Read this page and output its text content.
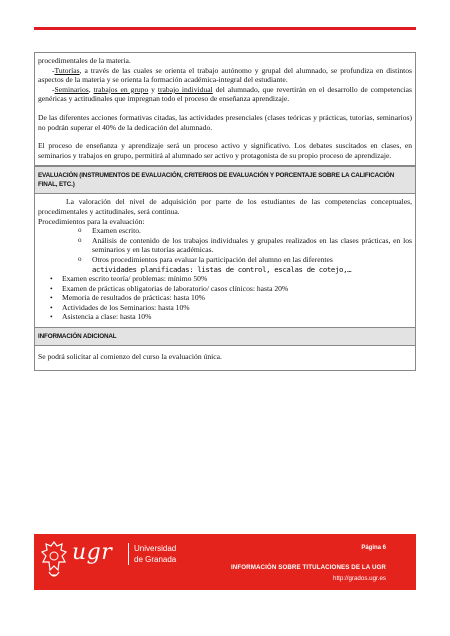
procedimentales de la materia.

-Tutorías, a través de las cuales se orienta el trabajo autónomo y grupal del alumnado, se profundiza en distintos aspectos de la materia y se orienta la formación académica-integral del estudiante.

-Seminarios, trabajos en grupo y trabajo individual del alumnado, que revertirán en el desarrollo de competencias genéricas y actitudinales que impregnan todo el proceso de enseñanza aprendizaje.

De las diferentes acciones formativas citadas, las actividades presenciales (clases teóricas y prácticas, tutorías, seminarios) no podrán superar el 40% de la dedicación del alumnado.

El proceso de enseñanza y aprendizaje será un proceso activo y significativo. Los debates suscitados en clases, en seminarios y trabajos en grupo, permitirá al alumnado ser activo y protagonista de su propio proceso de aprendizaje.

EVALUACIÓN (INSTRUMENTOS DE EVALUACIÓN, CRITERIOS DE EVALUACIÓN Y PORCENTAJE SOBRE LA CALIFICACIÓN FINAL, ETC.)

La valoración del nivel de adquisición por parte de los estudiantes de las competencias conceptuales, procedimentales y actitudinales, será continua.

Procedimientos para la evaluación:

o Examen escrito.
o Análisis de contenido de los trabajos individuales y grupales realizados en las clases prácticas, en los seminarios y en las tutorías académicas.
o Otros procedimientos para evaluar la participación del alumno en las diferentes
actividades planificadas: listas de control, escalas de cotejo,…
• Examen escrito teoría/ problemas: mínimo 50%
• Examen de prácticas obligatorias de laboratorio/ casos clínicos: hasta 20%
• Memoria de resultados de prácticas: hasta 10%
• Actividades de los Seminarios: hasta 10%
• Asistencia a clase: hasta 10%
INFORMACIÓN ADICIONAL

Se podrá solicitar al comienzo del curso la evaluación única.

ugr	Universidad
de Granada
Página 6
INFORMACIÓN SOBRE TITULACIONES DE LA UGR
http://grados.ugr.es
